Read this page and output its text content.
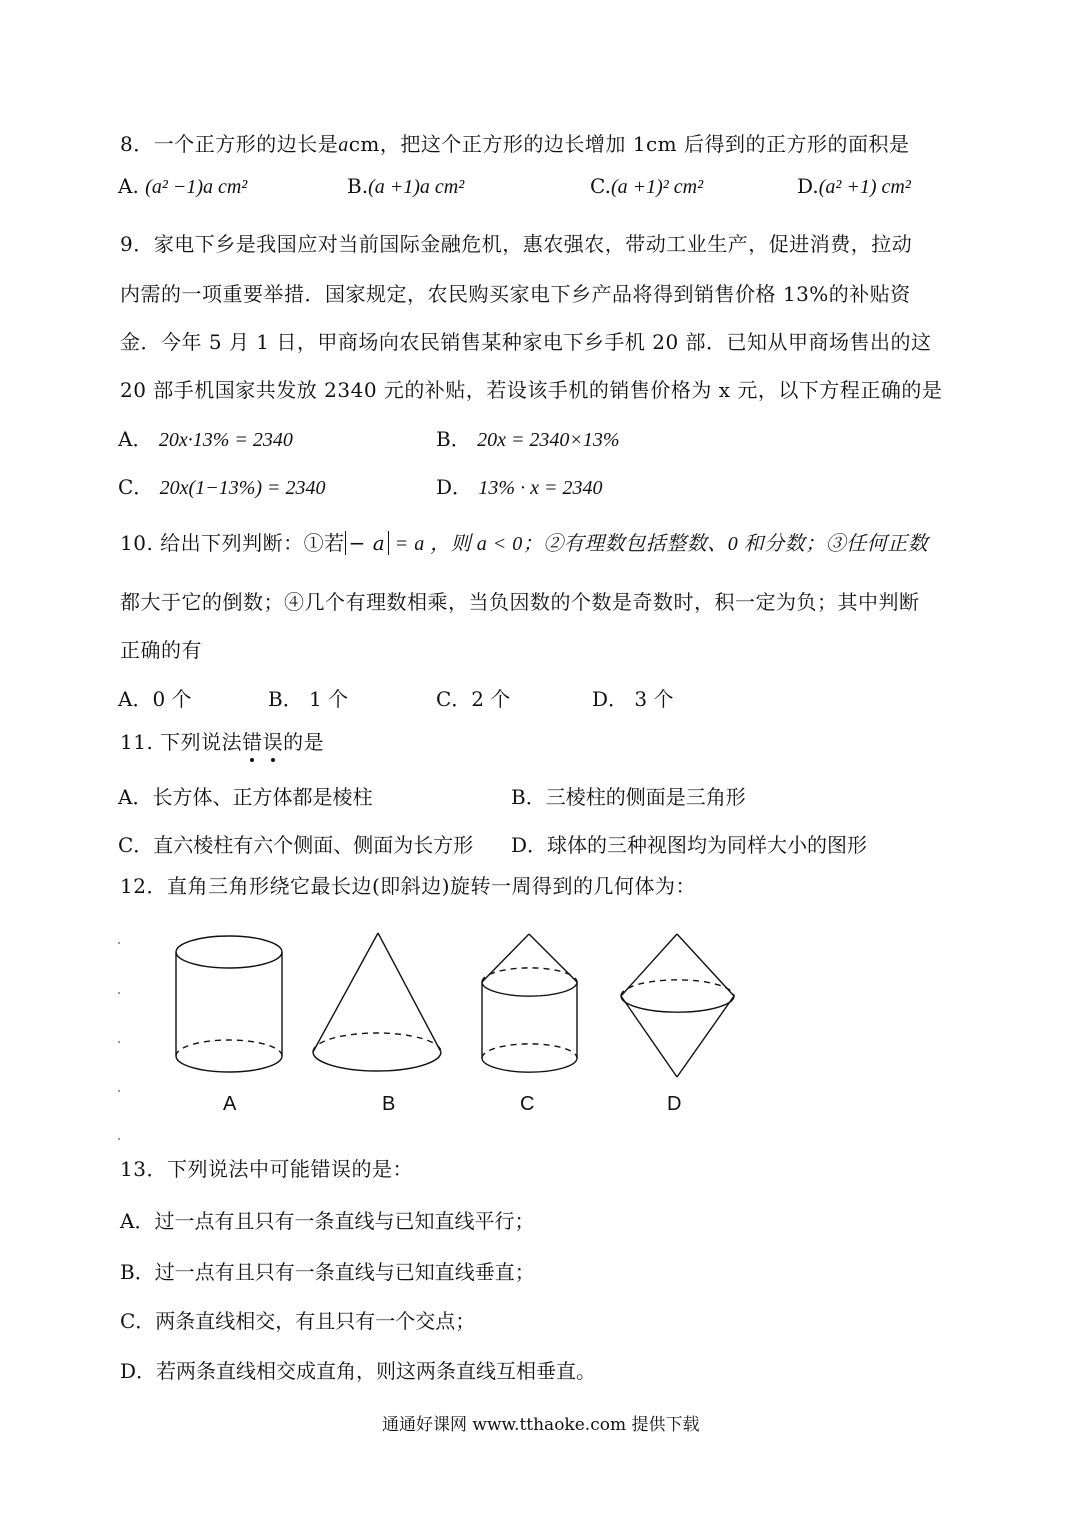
8．一个正方形的边长是acm，把这个正方形的边长增加 1cm 后得到的正方形的面积是
A. (a² −1)a cm²	B.(a +1)a cm²	C.(a +1)² cm²	D.(a² +1) cm²
9．家电下乡是我国应对当前国际金融危机，惠农强农，带动工业生产，促进消费，拉动
内需的一项重要举措．国家规定，农民购买家电下乡产品将得到销售价格 13%的补贴资
金．今年 5 月 1 日，甲商场向农民销售某种家电下乡手机 20 部．已知从甲商场售出的这
20 部手机国家共发放 2340 元的补贴，若设该手机的销售价格为 x 元，以下方程正确的是
A． 20x·13% = 2340	B． 20x = 2340×13%
C． 20x(1−13%) = 2340	D． 13% · x = 2340
10. 给出下列判断：①若 − a = a ，则 a < 0；②有理数包括整数、0 和分数；③任何正数
都大于它的倒数；④几个有理数相乘，当负因数的个数是奇数时，积一定为负；其中判断
正确的有
A．0 个	B． 1 个	C．2 个	D． 3 个
11. 下列说法错误的是
A．长方体、正方体都是棱柱	B．三棱柱的侧面是三角形
C．直六棱柱有六个侧面、侧面为长方形 D．球体的三种视图均为同样大小的图形
12．直角三角形绕它最长边(即斜边)旋转一周得到的几何体为：
A	B	C	D
13．下列说法中可能错误的是：
A．过一点有且只有一条直线与已知直线平行；
B．过一点有且只有一条直线与已知直线垂直；
C．两条直线相交，有且只有一个交点；
D．若两条直线相交成直角，则这两条直线互相垂直。
通通好课网 www.tthaoke.com 提供下载
